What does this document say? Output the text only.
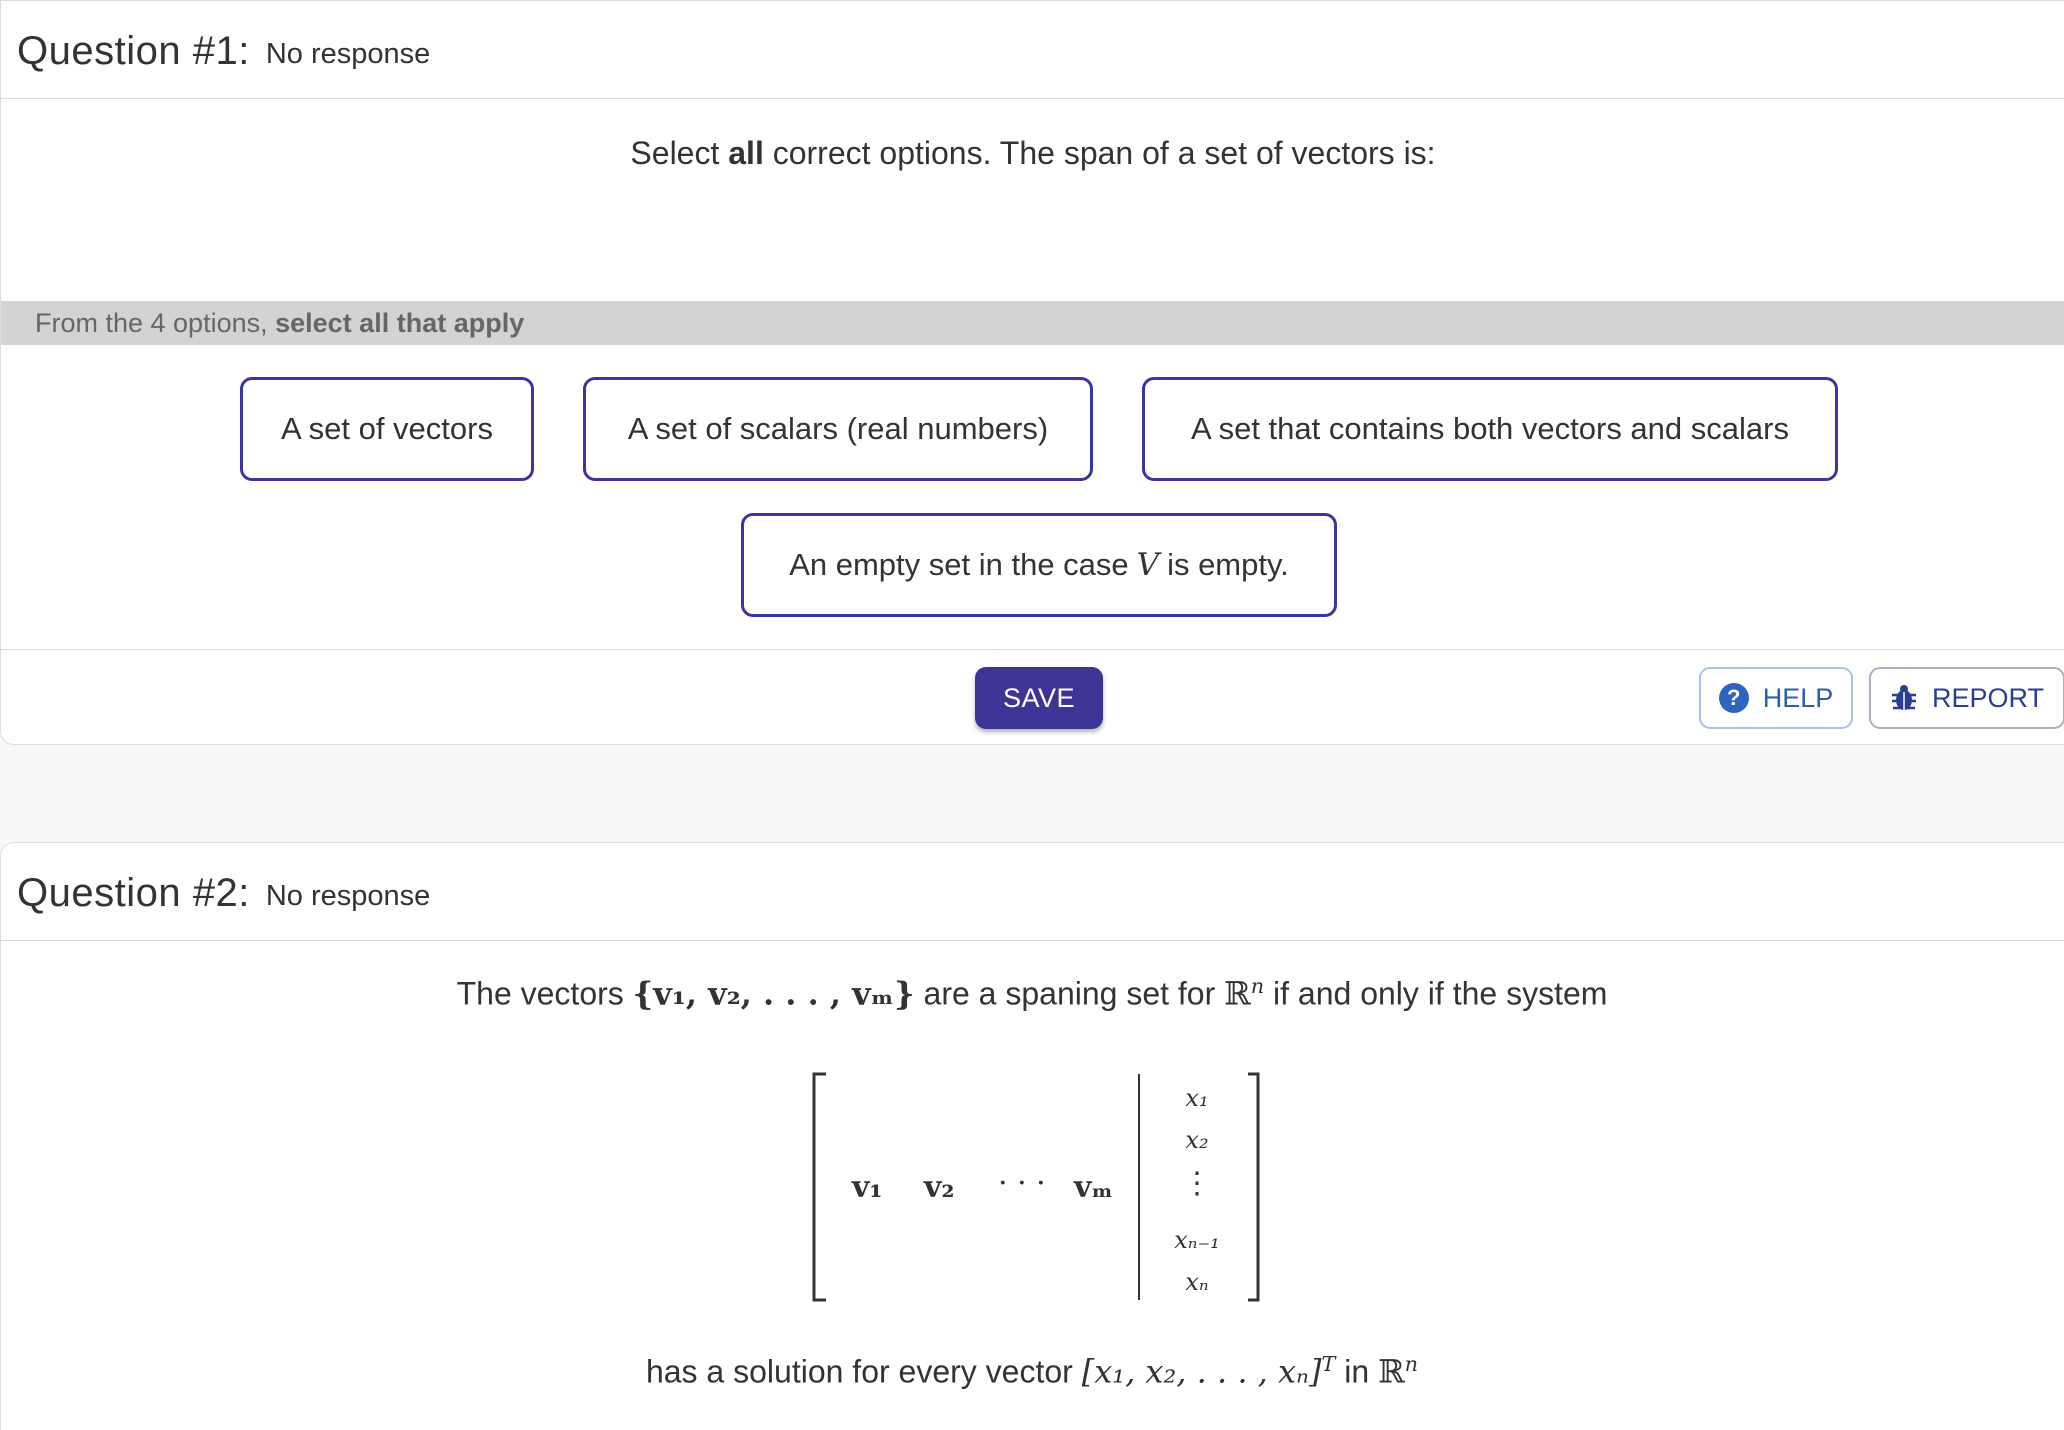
Question #1: No response
Select all correct options. The span of a set of vectors is:
From the 4 options, select all that apply
A set of vectors	A set of scalars (real numbers)	A set that contains both vectors and scalars
An empty set in the case V is empty.
SAVE	? HELP	REPORT
Question #2: No response
The vectors {v₁, v₂, . . . , vₘ} are a spaning set for ℝ$^n$ if and only if the system
v₁ v₂ · · · vₘ
x₁
x₂
⋮
xₙ₋₁
xₙ
has a solution for every vector [x₁, x₂, . . . , xₙ]$^T$ in ℝ$^n$
